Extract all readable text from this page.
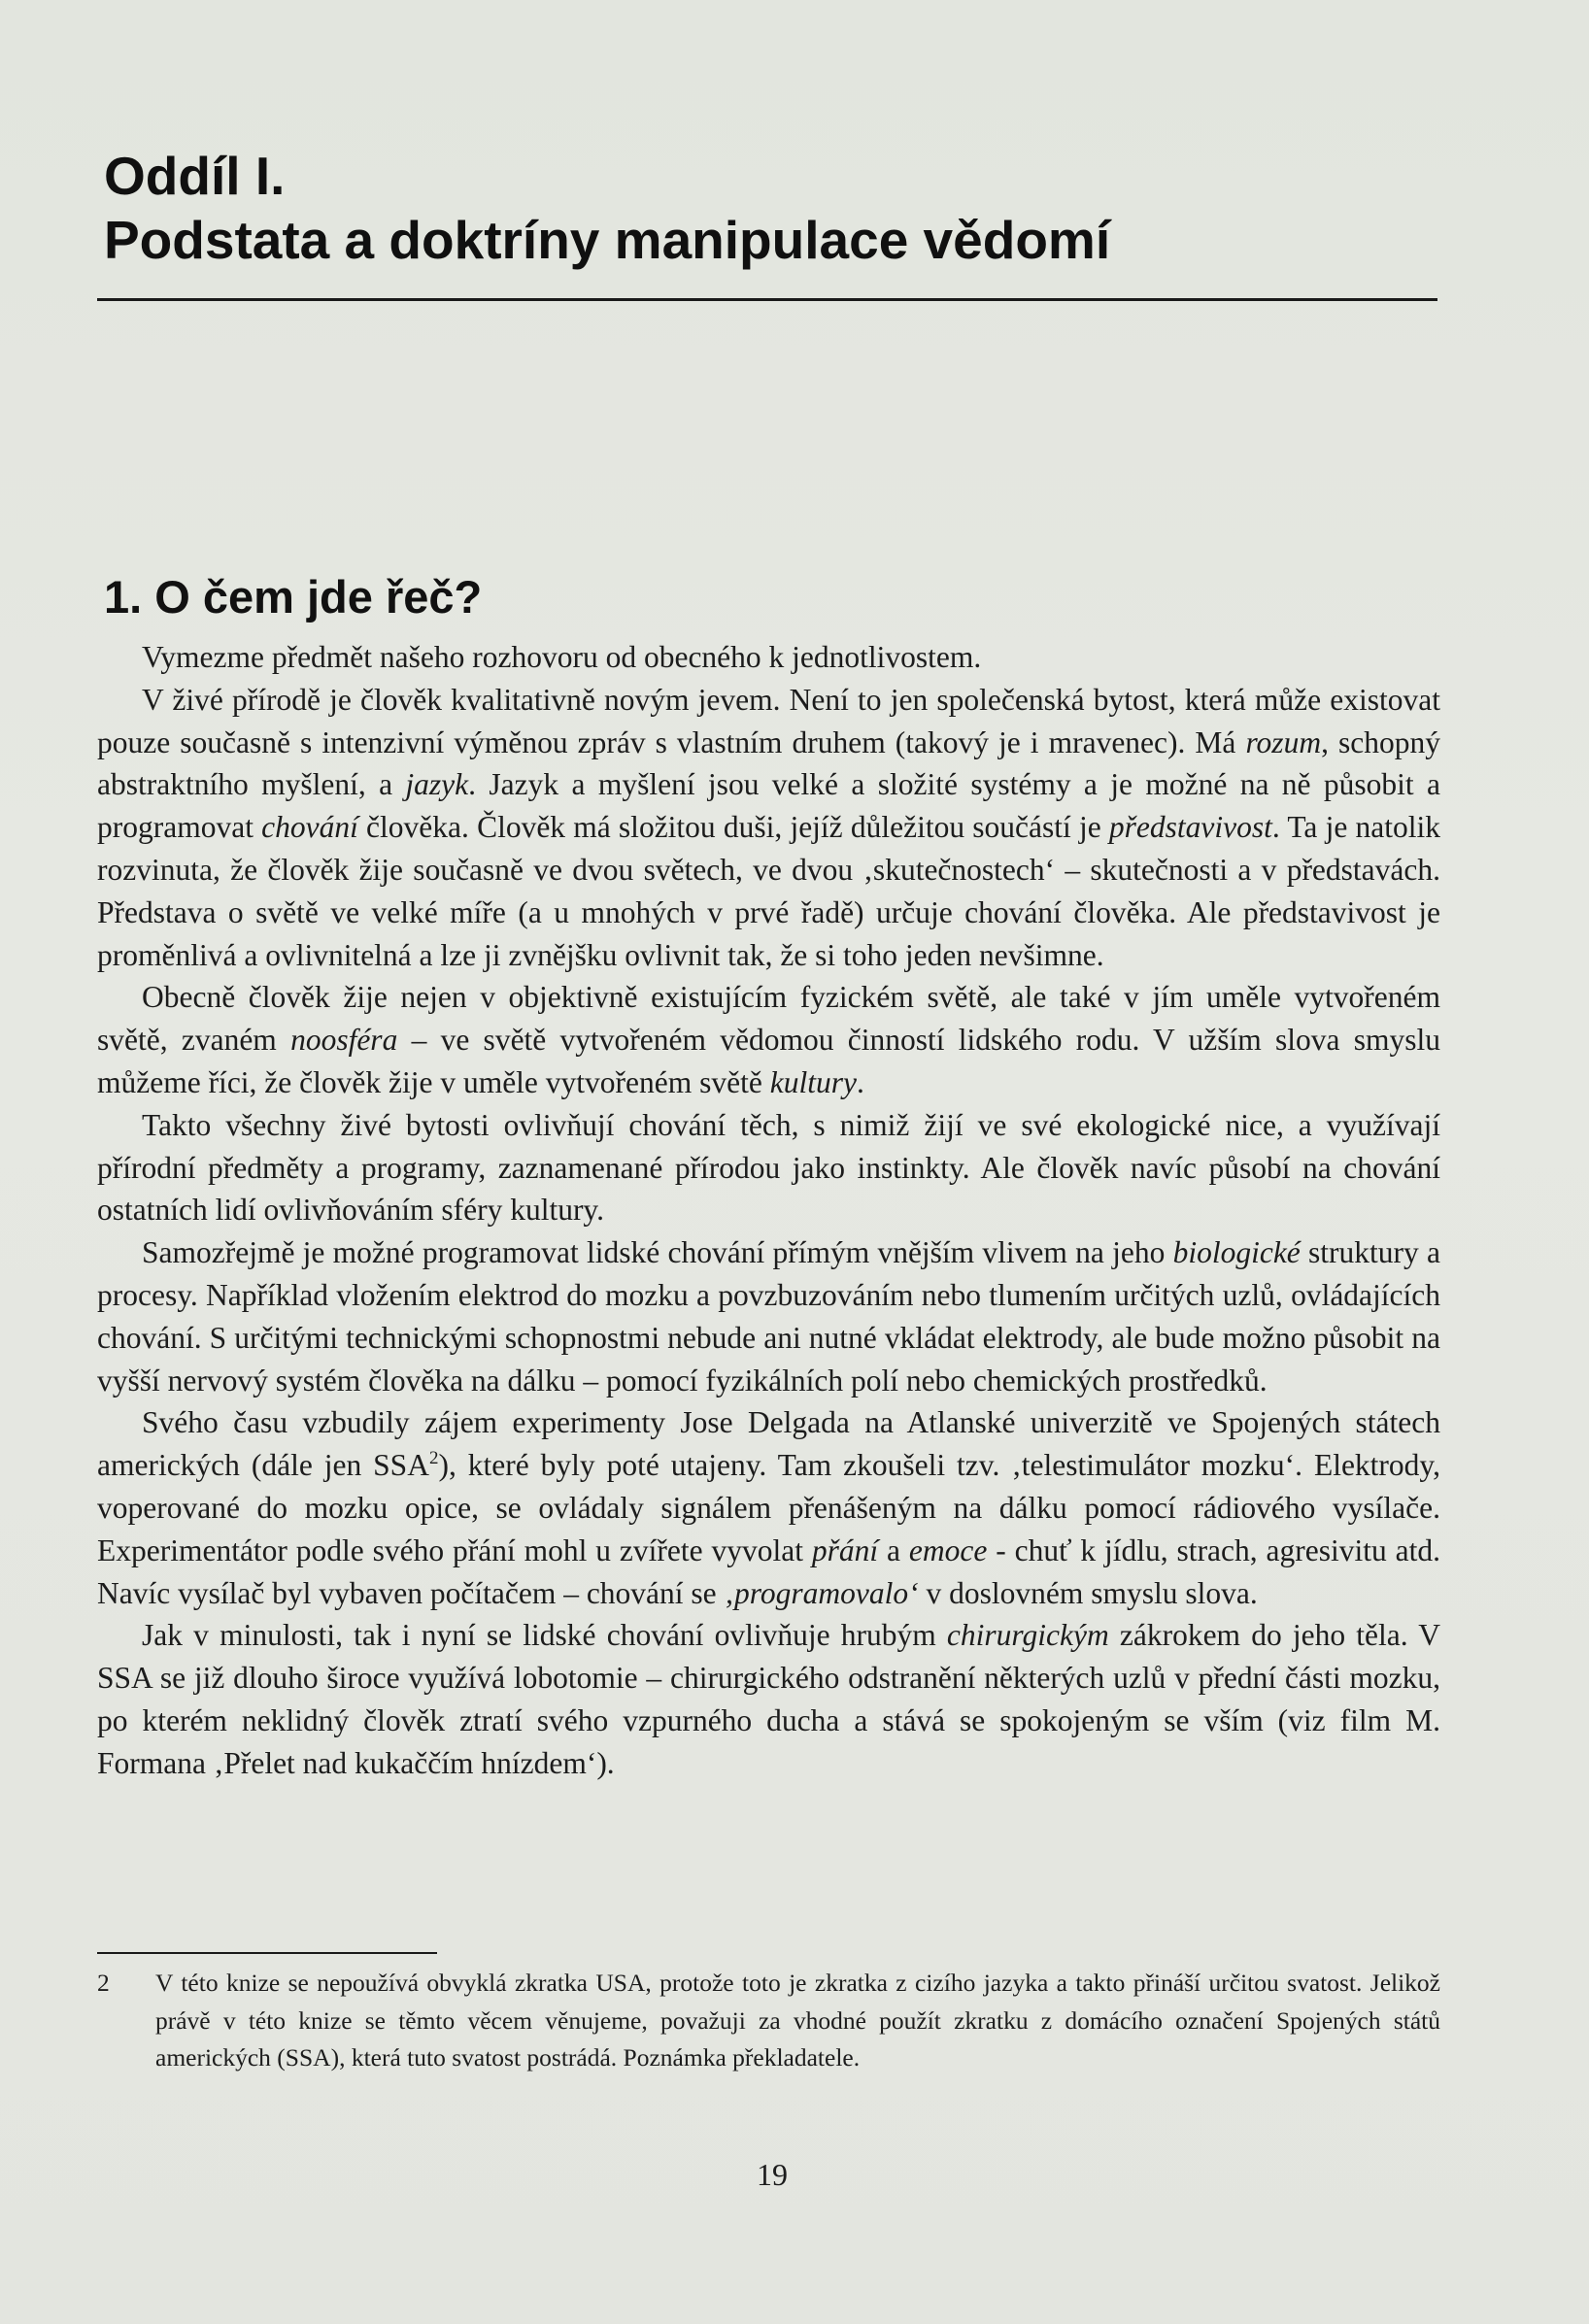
Oddíl I.
Podstata a doktríny manipulace vědomí
1. O čem jde řeč?

Vymezme předmět našeho rozhovoru od obecného k jednotlivostem.

V živé přírodě je člověk kvalitativně novým jevem. Není to jen společenská bytost, která může existovat pouze současně s intenzivní výměnou zpráv s vlastním druhem (takový je i mravenec). Má rozum, schopný abstraktního myšlení, a jazyk. Jazyk a myšlení jsou velké a složité systémy a je možné na ně působit a programovat chování člověka. Člověk má složitou duši, jejíž důležitou součástí je představivost. Ta je natolik rozvinuta, že člověk žije současně ve dvou světech, ve dvou ‚skutečnostech‘ – skutečnosti a v představách. Představa o světě ve velké míře (a u mnohých v prvé řadě) určuje chování člověka. Ale představivost je proměnlivá a ovlivnitelná a lze ji zvnějšku ovlivnit tak, že si toho jeden nevšimne.

Obecně člověk žije nejen v objektivně existujícím fyzickém světě, ale také v jím uměle vytvořeném světě, zvaném noosféra – ve světě vytvořeném vědomou činností lidského rodu. V užším slova smyslu můžeme říci, že člověk žije v uměle vytvořeném světě kultury.

Takto všechny živé bytosti ovlivňují chování těch, s nimiž žijí ve své ekologické nice, a využívají přírodní předměty a programy, zaznamenané přírodou jako instinkty. Ale člověk navíc působí na chování ostatních lidí ovlivňováním sféry kultury.

Samozřejmě je možné programovat lidské chování přímým vnějším vlivem na jeho biologické struktury a procesy. Například vložením elektrod do mozku a povzbuzováním nebo tlumením určitých uzlů, ovládajících chování. S určitými technickými schopnostmi nebude ani nutné vkládat elektrody, ale bude možno působit na vyšší nervový systém člověka na dálku – pomocí fyzikálních polí nebo chemických prostředků.

Svého času vzbudily zájem experimenty Jose Delgada na Atlanské univerzitě ve Spojených státech amerických (dále jen SSA$^2$), které byly poté utajeny. Tam zkoušeli tzv. ‚telestimulátor mozku‘. Elektrody, voperované do mozku opice, se ovládaly signálem přenášeným na dálku pomocí rádiového vysílače. Experimentátor podle svého přání mohl u zvířete vyvolat přání a emoce - chuť k jídlu, strach, agresivitu atd. Navíc vysílač byl vybaven počítačem – chování se ‚programovalo‘ v doslovném smyslu slova.

Jak v minulosti, tak i nyní se lidské chování ovlivňuje hrubým chirurgickým zákrokem do jeho těla. V SSA se již dlouho široce využívá lobotomie – chirurgického odstranění některých uzlů v přední části mozku, po kterém neklidný člověk ztratí svého vzpurného ducha a stává se spokojeným se vším (viz film M. Formana ‚Přelet nad kukaččím hnízdem‘).

2 V této knize se nepoužívá obvyklá zkratka USA, protože toto je zkratka z cizího jazyka a takto přináší určitou svatost. Jelikož právě v této knize se těmto věcem věnujeme, považuji za vhodné použít zkratku z domácího označení Spojených států amerických (SSA), která tuto svatost postrádá. Poznámka překladatele.
19
